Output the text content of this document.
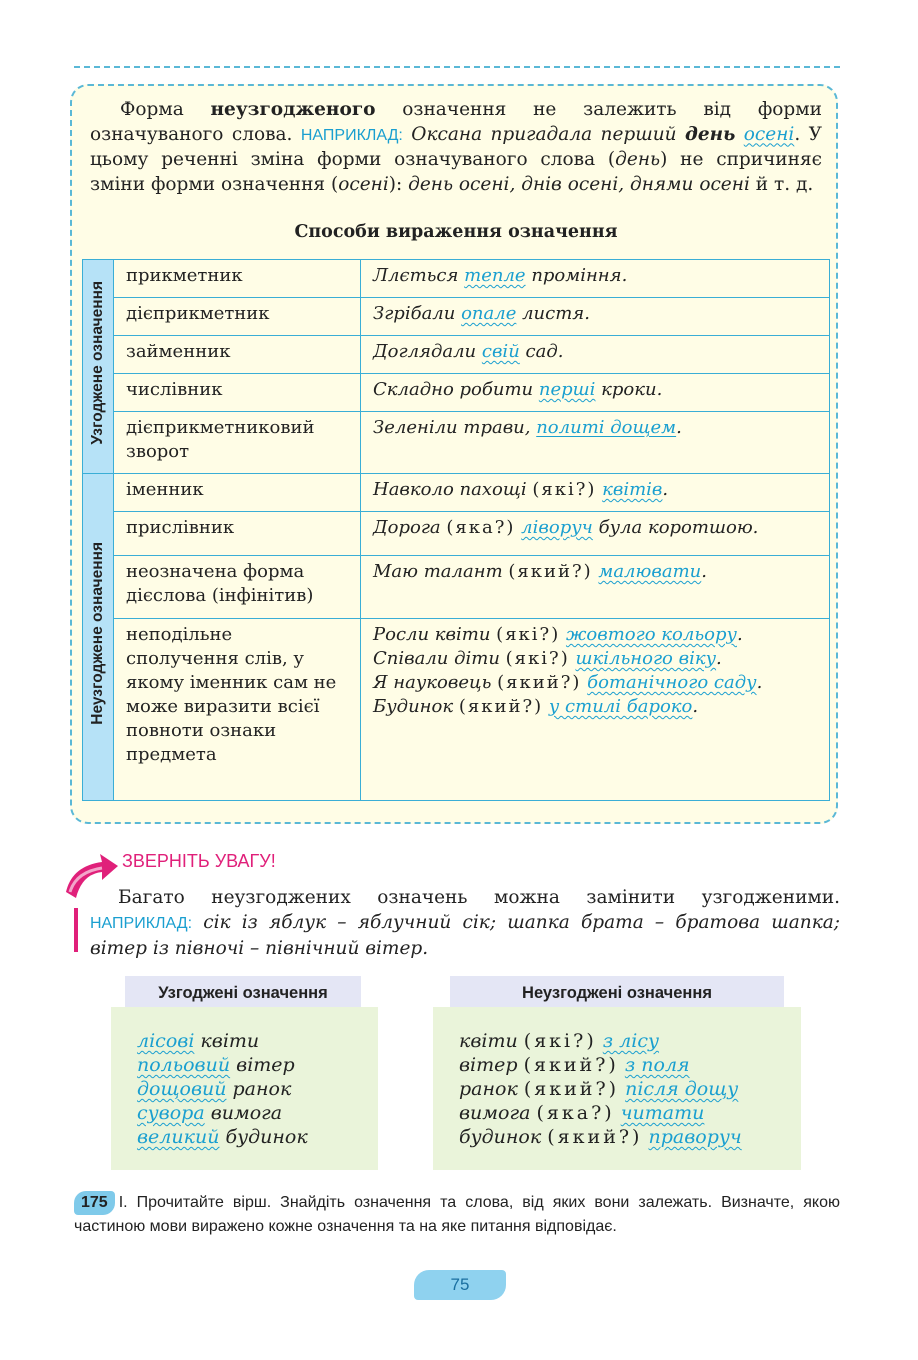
Форма неузгодженого означення не залежить від форми означуваного слова. НАПРИКЛАД: Оксана пригадала перший день осені. У цьому реченні зміна форми означуваного слова (день) не спричиняє зміни форми означення (осені): день осені, днів осені, днями осені й т. д.

Способи вираження означення
Узгоджене означення	прикметник	Ллється тепле проміння.
	дієприкметник	Згрібали опале листя.
	займенник	Доглядали свій сад.
	числівник	Складно робити перші кроки.
	дієприкметниковий зворот	Зеленіли трави, политі дощем.
Неузгоджене означення	іменник	Навколо пахощі (які?) квітів.
	прислівник	Дорога (яка?) ліворуч була коротшою.
	неозначена форма дієслова (інфінітив)	Маю талант (який?) малювати.
	неподільне сполучення слів, у якому іменник сам не може виразити всієї повноти ознаки предмета	Росли квіти (які?) жовтого кольору.
Співали діти (які?) шкільного віку.
Я науковець (який?) ботанічного саду.
Будинок (який?) у стилі бароко.
ЗВЕРНІТЬ УВАГУ!

Багато неузгоджених означень можна замінити узгодженими. НАПРИКЛАД: сік із яблук – яблучний сік; шапка брата – братова шапка; вітер із півночі – північний вітер.

Узгоджені означення
лісові квіти
польовий вітер
дощовий ранок
сувора вимога
великий будинок
Неузгоджені означення
квіти (які?) з лісу
вітер (який?) з поля
ранок (який?) після дощу
вимога (яка?) читати
будинок (який?) праворуч
175 І. Прочитайте вірш. Знайдіть означення та слова, від яких вони залежать. Визначте, якою частиною мови виражено кожне означення та на яке питання відповідає.
75
